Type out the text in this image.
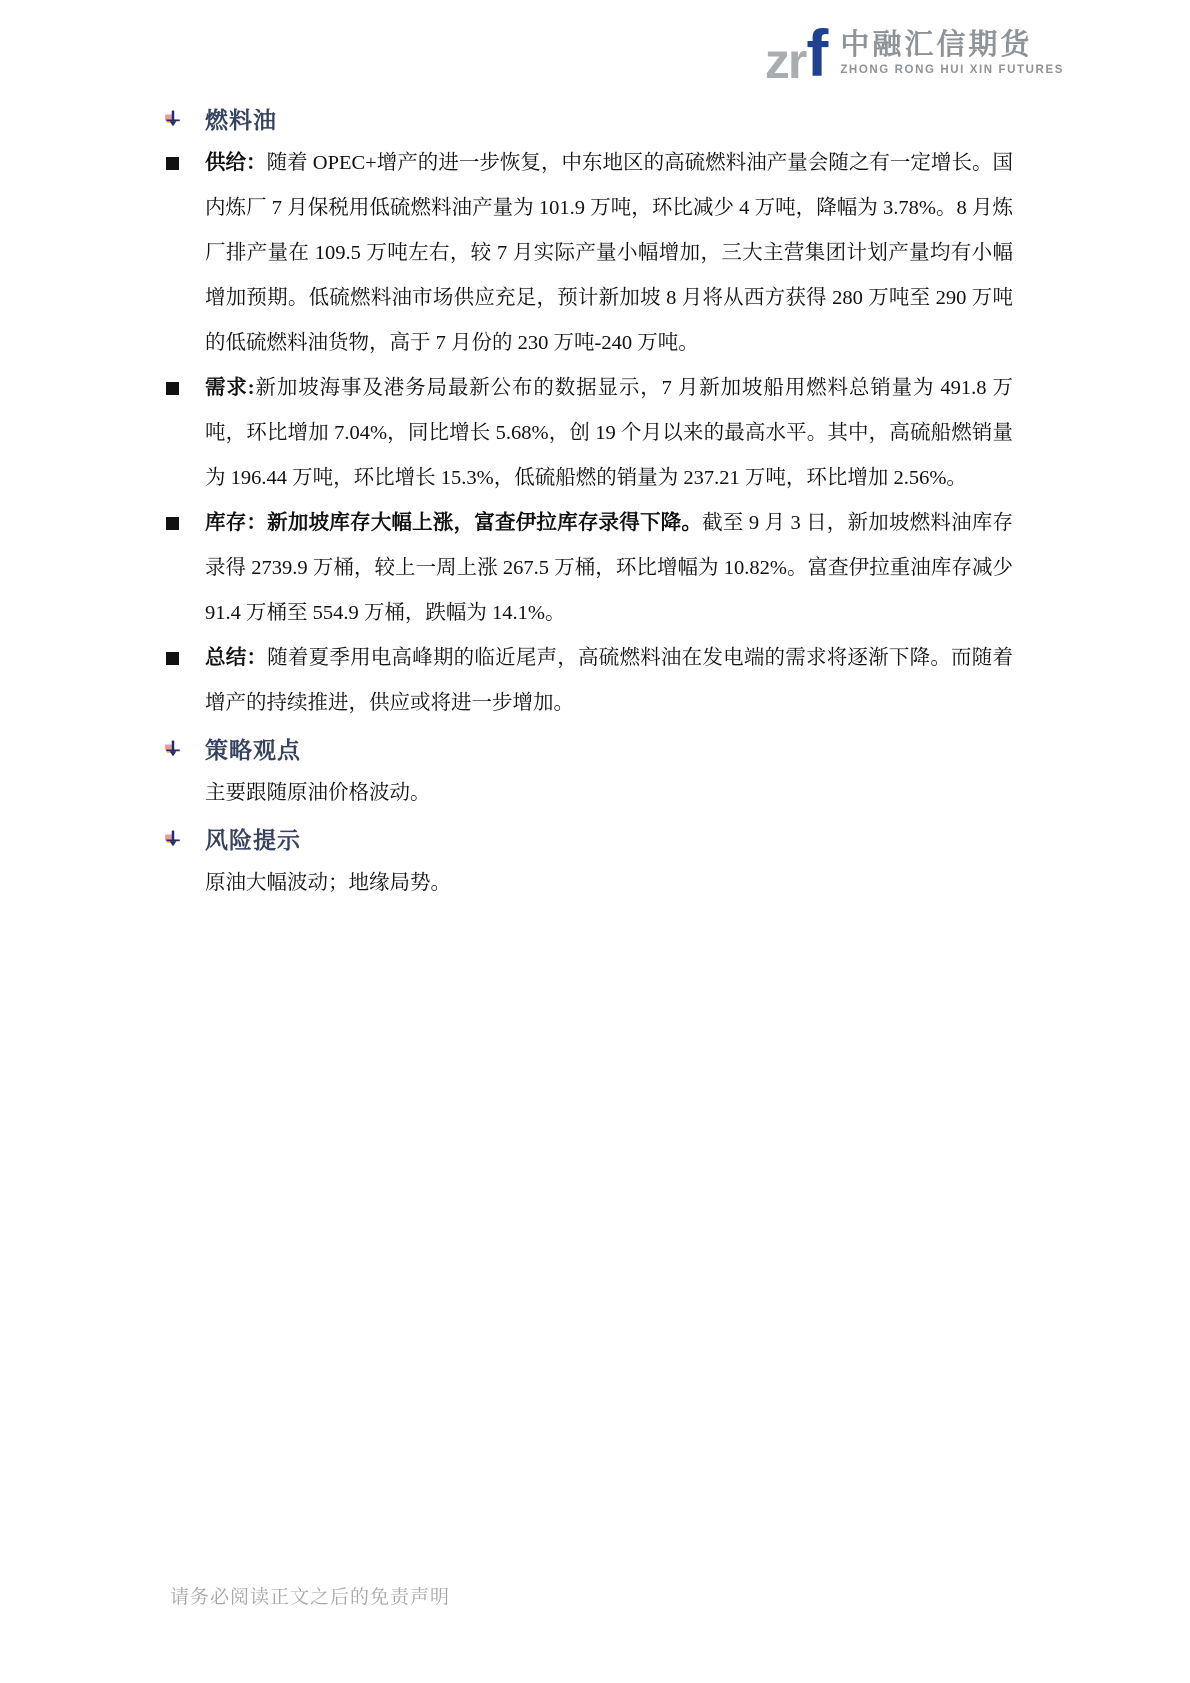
zr f 中融汇信期货
ZHONG RONG HUI XIN FUTURES
燃料油

供给：随着 OPEC+增产的进一步恢复，中东地区的高硫燃料油产量会随之有一定增长。国内炼厂 7 月保税用低硫燃料油产量为 101.9 万吨，环比减少 4 万吨，降幅为 3.78%。8 月炼厂排产量在 109.5 万吨左右，较 7 月实际产量小幅增加，三大主营集团计划产量均有小幅增加预期。低硫燃料油市场供应充足，预计新加坡 8 月将从西方获得 280 万吨至 290 万吨的低硫燃料油货物，高于 7 月份的 230 万吨-240 万吨。

需求:新加坡海事及港务局最新公布的数据显示，7 月新加坡船用燃料总销量为 491.8 万吨，环比增加 7.04%，同比增长 5.68%，创 19 个月以来的最高水平。其中，高硫船燃销量为 196.44 万吨，环比增长 15.3%，低硫船燃的销量为 237.21 万吨，环比增加 2.56%。

库存：新加坡库存大幅上涨，富查伊拉库存录得下降。截至 9 月 3 日，新加坡燃料油库存录得 2739.9 万桶，较上一周上涨 267.5 万桶，环比增幅为 10.82%。富查伊拉重油库存减少 91.4 万桶至 554.9 万桶，跌幅为 14.1%。

总结：随着夏季用电高峰期的临近尾声，高硫燃料油在发电端的需求将逐渐下降。而随着增产的持续推进，供应或将进一步增加。

策略观点

主要跟随原油价格波动。

风险提示

原油大幅波动；地缘局势。

请务必阅读正文之后的免责声明
